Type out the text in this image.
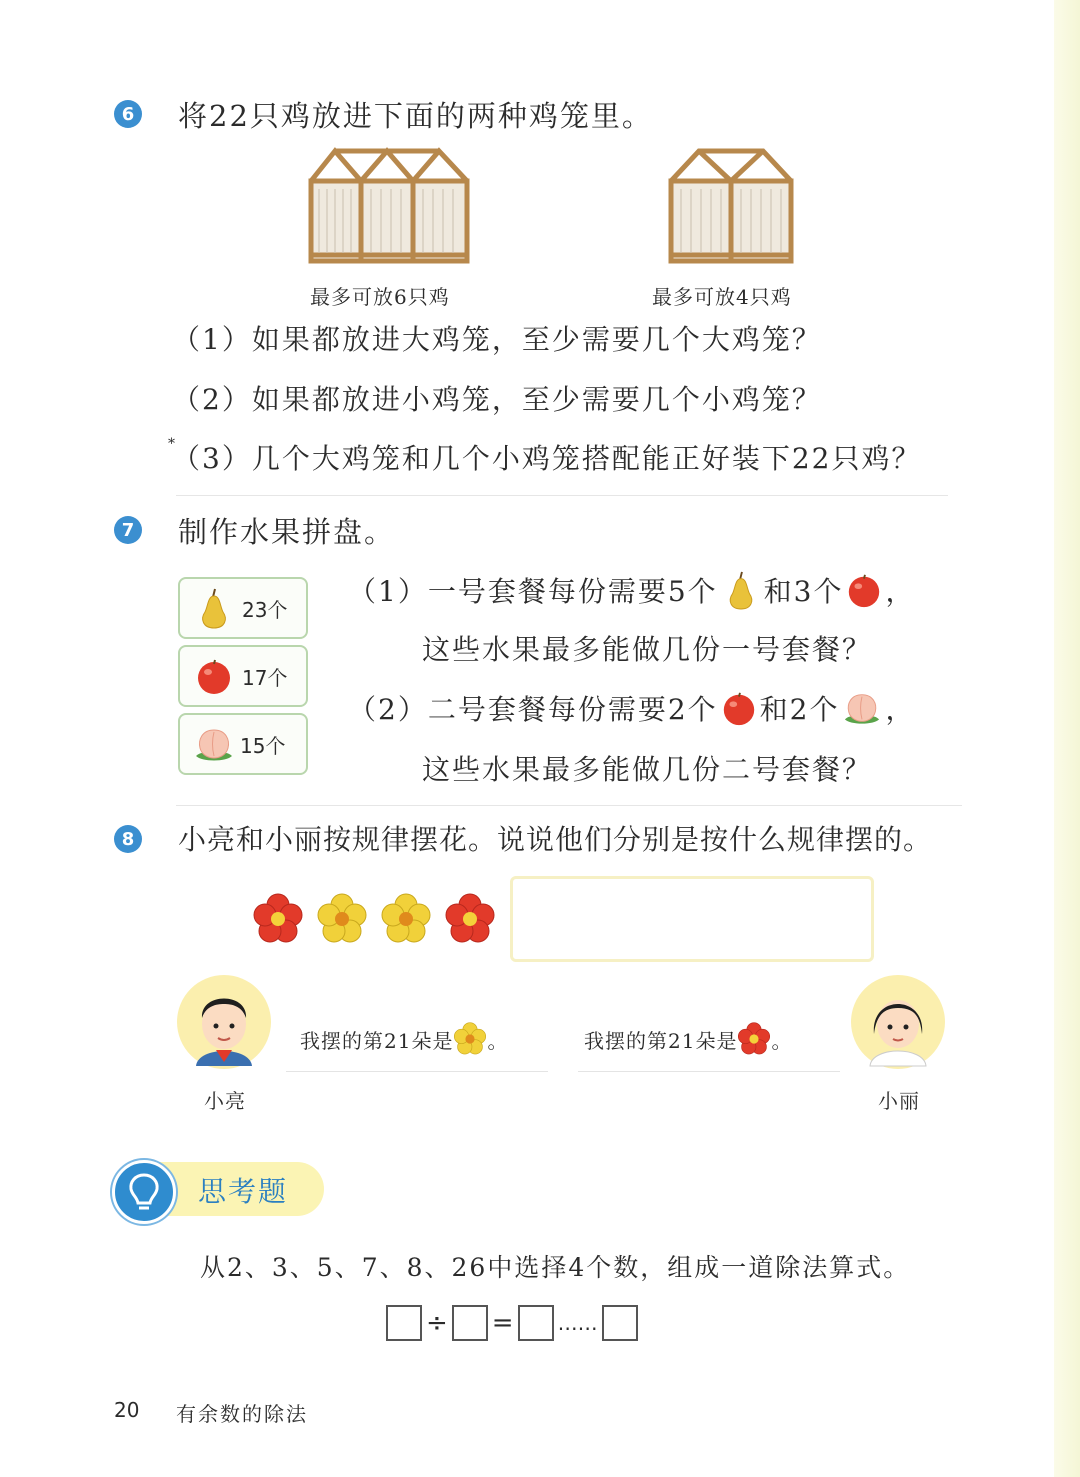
6 将22只鸡放进下面的两种鸡笼里。
最多可放6只鸡	最多可放4只鸡
（1）如果都放进大鸡笼，至少需要几个大鸡笼？
（2）如果都放进小鸡笼，至少需要几个小鸡笼？
*
（3）几个大鸡笼和几个小鸡笼搭配能正好装下22只鸡？
7 制作水果拼盘。
23个
17个
15个
（1）一号套餐每份需要5个 和3个 ，
这些水果最多能做几份一号套餐？
（2）二号套餐每份需要2个 和2个 ，
这些水果最多能做几份二号套餐？
8 小亮和小丽按规律摆花。说说他们分别是按什么规律摆的。
小亮
我摆的第21朵是 。	我摆的第21朵是 。
小丽
思考题
从2、3、5、7、8、26中选择4个数，组成一道除法算式。
÷ = ……
20 有余数的除法
